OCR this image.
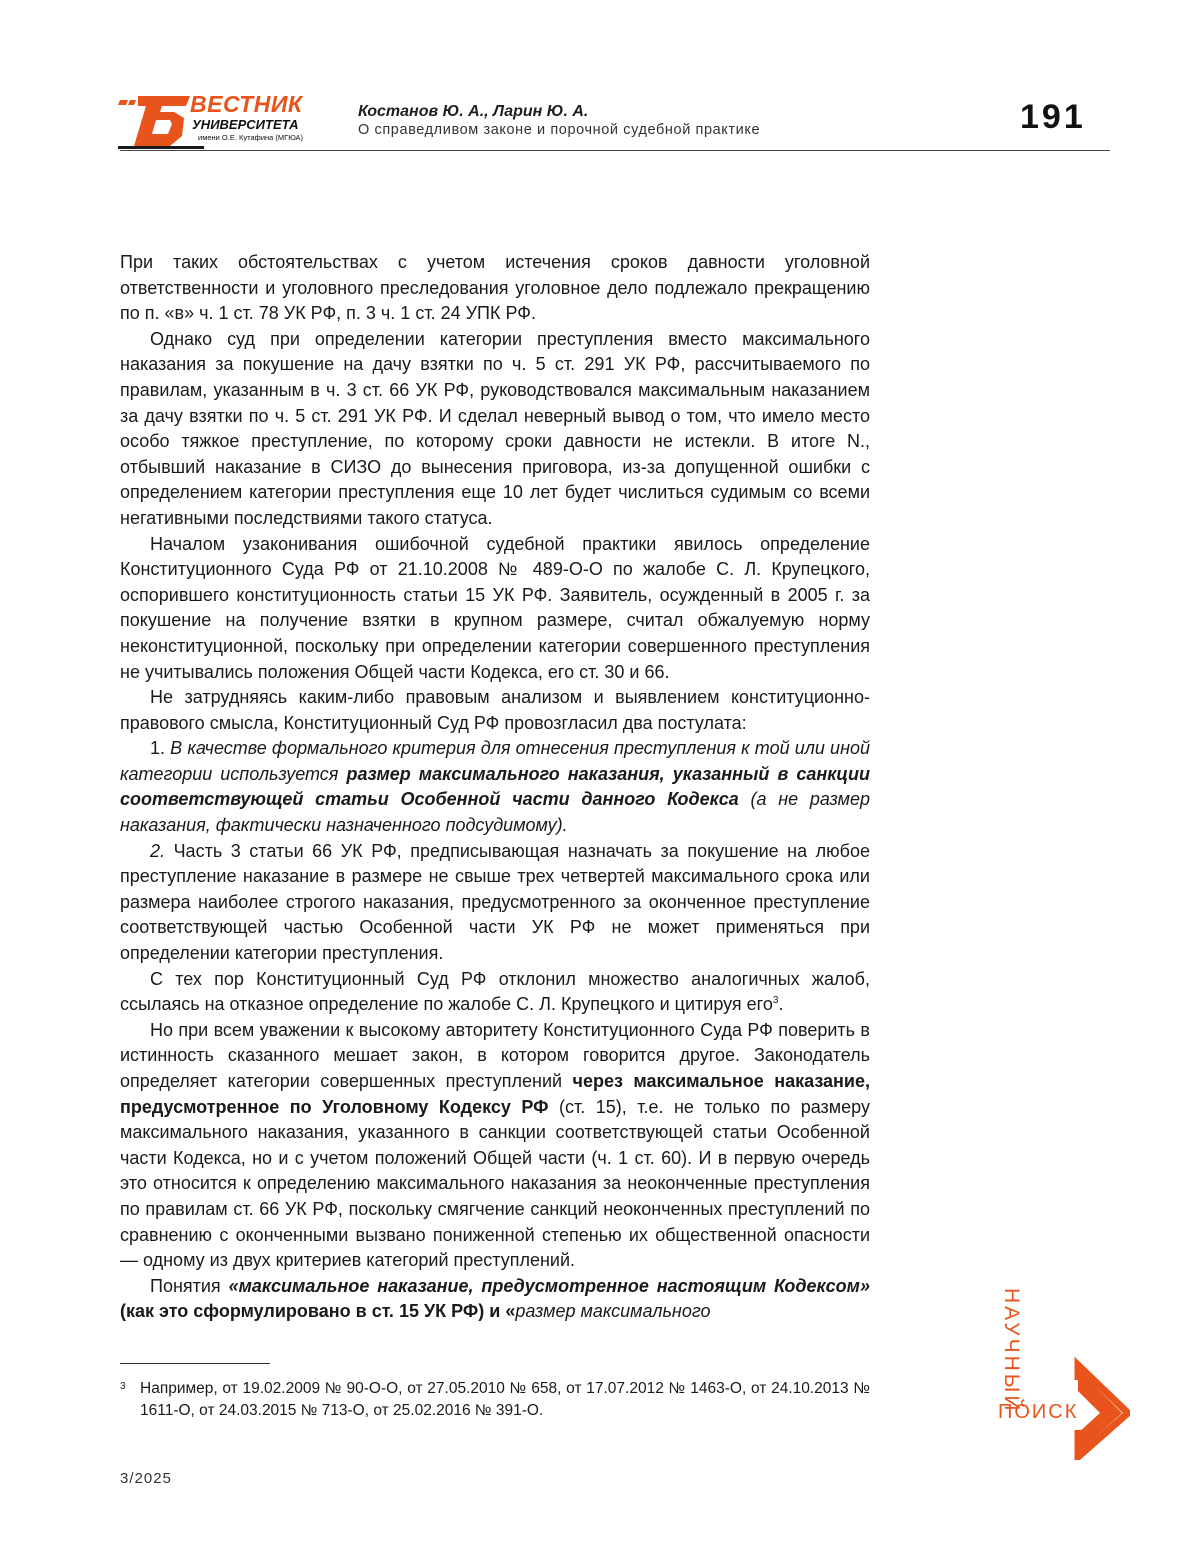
ВЕСТНИК
УНИВЕРСИТЕТА
имени О.Е. Кутафина (МГЮА)
Костанов Ю. А., Ларин Ю. А.
О справедливом законе и порочной судебной практике	191

При таких обстоятельствах с учетом истечения сроков давности уголовной ответственности и уголовного преследования уголовное дело подлежало прекращению по п. «в» ч. 1 ст. 78 УК РФ, п. 3 ч. 1 ст. 24 УПК РФ.

Однако суд при определении категории преступления вместо максимального наказания за покушение на дачу взятки по ч. 5 ст. 291 УК РФ, рассчитываемого по правилам, указанным в ч. 3 ст. 66 УК РФ, руководствовался максимальным наказанием за дачу взятки по ч. 5 ст. 291 УК РФ. И сделал неверный вывод о том, что имело место особо тяжкое преступление, по которому сроки давности не истекли. В итоге N., отбывший наказание в СИЗО до вынесения приговора, из-за допущенной ошибки с определением категории преступления еще 10 лет будет числиться судимым со всеми негативными последствиями такого статуса.

Началом узаконивания ошибочной судебной практики явилось определение Конституционного Суда РФ от 21.10.2008 № 489-О-О по жалобе С. Л. Крупецкого, оспорившего конституционность статьи 15 УК РФ. Заявитель, осужденный в 2005 г. за покушение на получение взятки в крупном размере, считал обжалуемую норму неконституционной, поскольку при определении категории совершенного преступления не учитывались положения Общей части Кодекса, его ст. 30 и 66.

Не затрудняясь каким-либо правовым анализом и выявлением конституционно-правового смысла, Конституционный Суд РФ провозгласил два постулата:

1. В качестве формального критерия для отнесения преступления к той или иной категории используется размер максимального наказания, указанный в санкции соответствующей статьи Особенной части данного Кодекса (а не размер наказания, фактически назначенного подсудимому).

2. Часть 3 статьи 66 УК РФ, предписывающая назначать за покушение на любое преступление наказание в размере не свыше трех четвертей максимального срока или размера наиболее строгого наказания, предусмотренного за оконченное преступление соответствующей частью Особенной части УК РФ не может применяться при определении категории преступления.

С тех пор Конституционный Суд РФ отклонил множество аналогичных жалоб, ссылаясь на отказное определение по жалобе С. Л. Крупецкого и цитируя его$^3$.

Но при всем уважении к высокому авторитету Конституционного Суда РФ поверить в истинность сказанного мешает закон, в котором говорится другое. Законодатель определяет категории совершенных преступлений через максимальное наказание, предусмотренное по Уголовному Кодексу РФ (ст. 15), т.е. не только по размеру максимального наказания, указанного в санкции соответствующей статьи Особенной части Кодекса, но и с учетом положений Общей части (ч. 1 ст. 60). И в первую очередь это относится к определению максимального наказания за неоконченные преступления по правилам ст. 66 УК РФ, поскольку смягчение санкций неоконченных преступлений по сравнению с оконченными вызвано пониженной степенью их общественной опасности — одному из двух критериев категорий преступлений.

Понятия «максимальное наказание, предусмотренное настоящим Кодексом» (как это сформулировано в ст. 15 УК РФ) и «размер максимального

3 Например, от 19.02.2009 № 90-О-О, от 27.05.2010 № 658, от 17.07.2012 № 1463-О, от 24.10.2013 № 1611-О, от 24.03.2015 № 713-О, от 25.02.2016 № 391-О.
3/2025
НАУЧНЫЙ
ПОИСК
